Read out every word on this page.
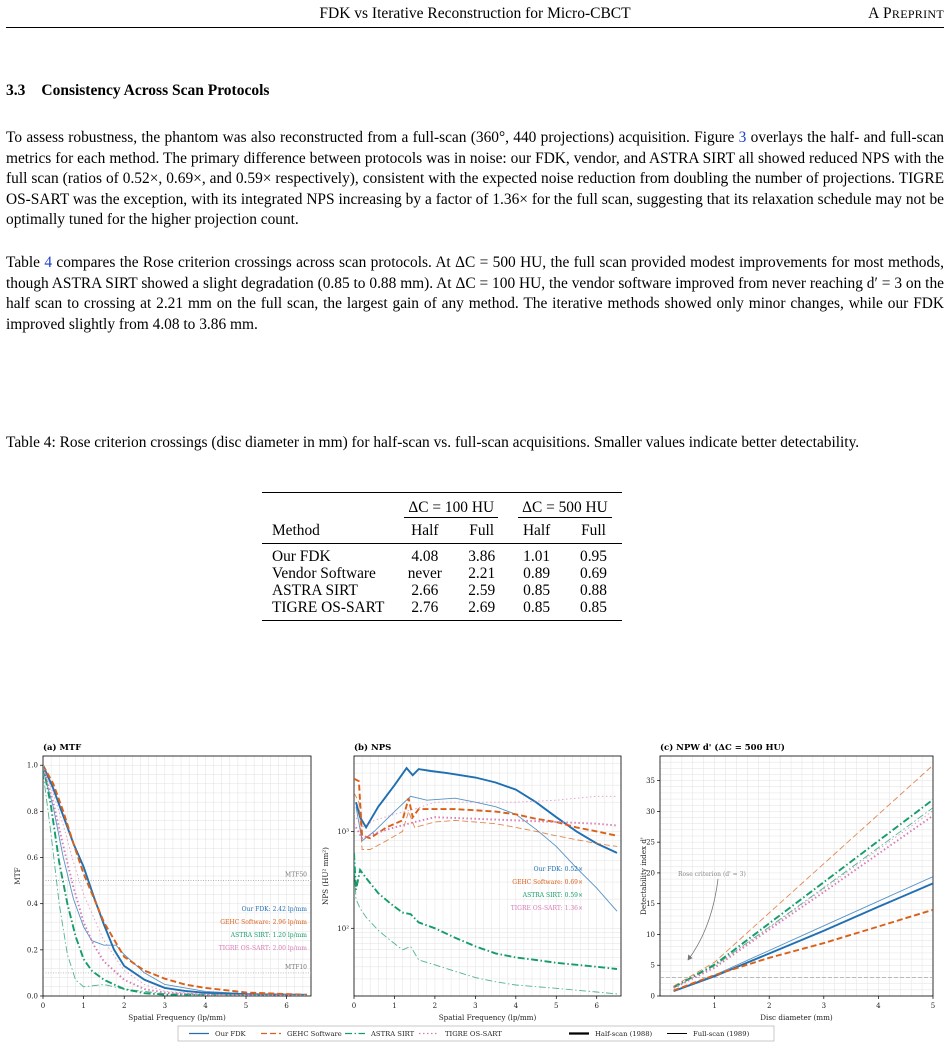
FDK vs Iterative Reconstruction for Micro-CBCT	A PREPRINT
3.3 Consistency Across Scan Protocols
To assess robustness, the phantom was also reconstructed from a full-scan (360°, 440 projections) acquisition. Figure 3 overlays the half- and full-scan metrics for each method. The primary difference between protocols was in noise: our FDK, vendor, and ASTRA SIRT all showed reduced NPS with the full scan (ratios of 0.52×, 0.69×, and 0.59× respectively), consistent with the expected noise reduction from doubling the number of projections. TIGRE OS-SART was the exception, with its integrated NPS increasing by a factor of 1.36× for the full scan, suggesting that its relaxation schedule may not be optimally tuned for the higher projection count.
Table 4 compares the Rose criterion crossings across scan protocols. At ΔC = 500 HU, the full scan provided modest improvements for most methods, though ASTRA SIRT showed a slight degradation (0.85 to 0.88 mm). At ΔC = 100 HU, the vendor software improved from never reaching d′ = 3 on the half scan to crossing at 2.21 mm on the full scan, the largest gain of any method. The iterative methods showed only minor changes, while our FDK improved slightly from 4.08 to 3.86 mm.
Table 4: Rose criterion crossings (disc diameter in mm) for half-scan vs. full-scan acquisitions. Smaller values indicate better detectability.
	ΔC = 100 HU		ΔC = 500 HU	
Method	Half	Full	Half	Full
Our FDK	4.08	3.86	1.01	0.95
Vendor Software	never	2.21	0.89	0.69
ASTRA SIRT	2.66	2.59	0.85	0.88
TIGRE OS-SART	2.76	2.69	0.85	0.85
(a) MTF
0	1	2	3	4	5	6
0.0
0.2
0.4
0.6
0.8
1.0
Spatial Frequency (lp/mm)
MTF	MTF50
MTF10
Our FDK: 2.42 lp/mm
GEHC Software: 2.96 lp/mm
ASTRA SIRT: 1.20 lp/mm
TIGRE OS-SART: 2.00 lp/mm
(b) NPS
0	1	2	3	4	5	6
10²
10³
Spatial Frequency (lp/mm)
NPS (HU² mm²)	Our FDK: 0.52×
GEHC Software: 0.69×
ASTRA SIRT: 0.59×
TIGRE OS-SART: 1.36×
(c) NPW d' (ΔC = 500 HU)
1	2	3	4	5
0
5
10
15
20
25
30
35
Disc diameter (mm)
Detectability index d'	Rose criterion (d' = 3)
Our FDK	GEHC Software	ASTRA SIRT	TIGRE OS-SART	Half-scan (1988)	Full-scan (1989)
